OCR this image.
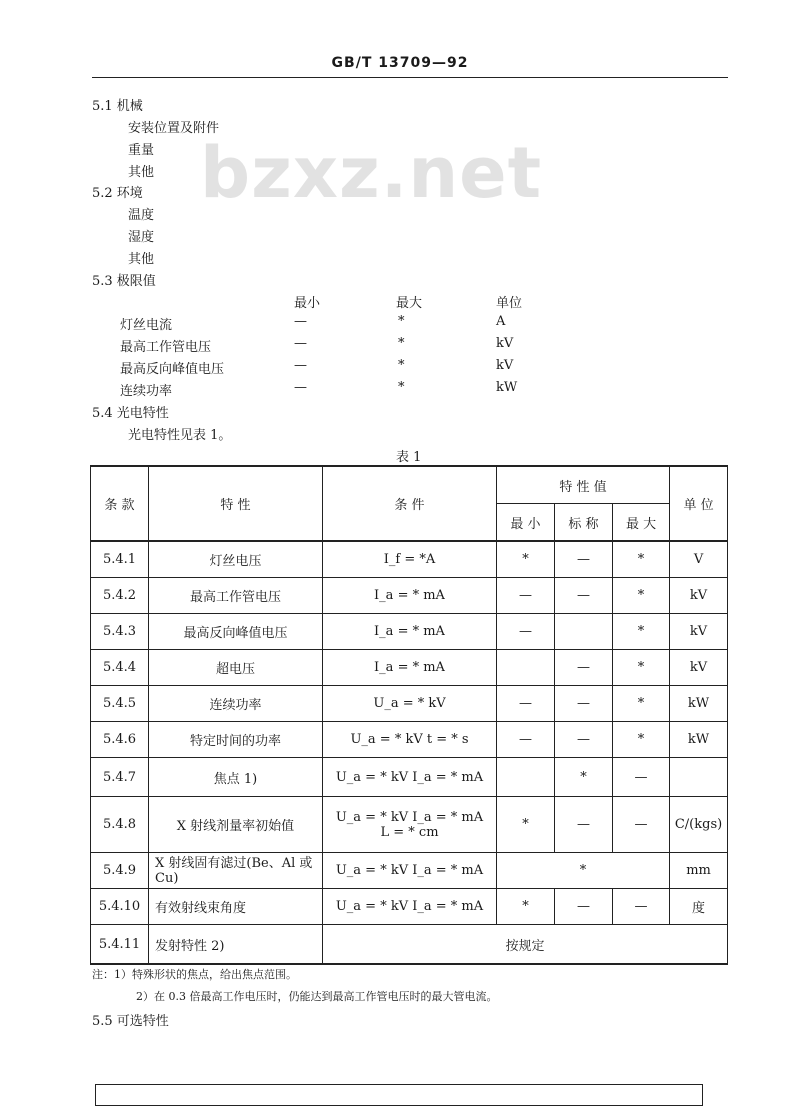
GB/T 13709—92
bzxz.net
5.1 机械
安装位置及附件
重量
其他
5.2 环境
温度
湿度
其他
5.3 极限值
最小	最大	单位
灯丝电流	—	*	A
最高工作管电压	—	*	kV
最高反向峰值电压	—	*	kV
连续功率	—	*	kW
5.4 光电特性
光电特性见表 1。
表 1
条 款	特 性	条 件	特 性 值			单 位
			最 小	标 称	最 大	
5.4.1	灯丝电压	I_f = *A	*	—	*	V
5.4.2	最高工作管电压	I_a = * mA	—	—	*	kV
5.4.3	最高反向峰值电压	I_a = * mA	—		*	kV
5.4.4	超电压	I_a = * mA		—	*	kV
5.4.5	连续功率	U_a = * kV	—	—	*	kW
5.4.6	特定时间的功率	U_a = * kV t = * s	—	—	*	kW
5.4.7	焦点 1)	U_a = * kV I_a = * mA		*	—	
5.4.8	X 射线剂量率初始值	U_a = * kV I_a = * mA
L = * cm	*	—	—	C/(kgs)
5.4.9	X 射线固有滤过(Be、Al 或 Cu)	U_a = * kV I_a = * mA	*			mm
5.4.10	有效射线束角度	U_a = * kV I_a = * mA	*	—	—	度
5.4.11	发射特性 2)	按规定				
注：1）特殊形状的焦点，给出焦点范围。
2）在 0.3 倍最高工作电压时，仍能达到最高工作管电压时的最大管电流。
5.5 可选特性
